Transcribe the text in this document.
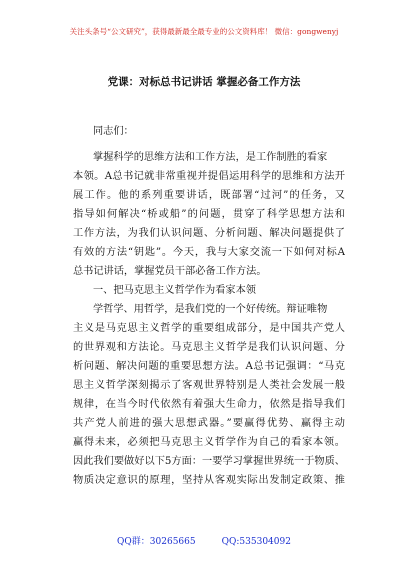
关注头条号“公文研究”，获得最新最全最专业的公文资料库！ 微信：gongwenyj
党课：对标总书记讲话 掌握必备工作方法
同志们：
掌握科学的思维方法和工作方法，是工作制胜的看家
本领。A总书记就非常重视并提倡运用科学的思维和方法开
展工作。他的系列重要讲话，既部署“过河”的任务，又
指导如何解决“桥或船”的问题，贯穿了科学思想方法和
工作方法，为我们认识问题、分析问题、解决问题提供了
有效的方法“钥匙”。今天，我与大家交流一下如何对标A
总书记讲话，掌握党员干部必备工作方法。
一、把马克思主义哲学作为看家本领
学哲学、用哲学，是我们党的一个好传统。辩证唯物
主义是马克思主义哲学的重要组成部分，是中国共产党人
的世界观和方法论。马克思主义哲学是我们认识问题、分
析问题、解决问题的重要思想方法。A总书记强调：“马克
思主义哲学深刻揭示了客观世界特别是人类社会发展一般
规律，在当今时代依然有着强大生命力，依然是指导我们
共产党人前进的强大思想武器。”要赢得优势、赢得主动
赢得未来，必须把马克思主义哲学作为自己的看家本领。
因此我们要做好以下5方面：一要学习掌握世界统一于物质、
物质决定意识的原理，坚持从客观实际出发制定政策、推
QQ群：30265665	QQ:535304092
